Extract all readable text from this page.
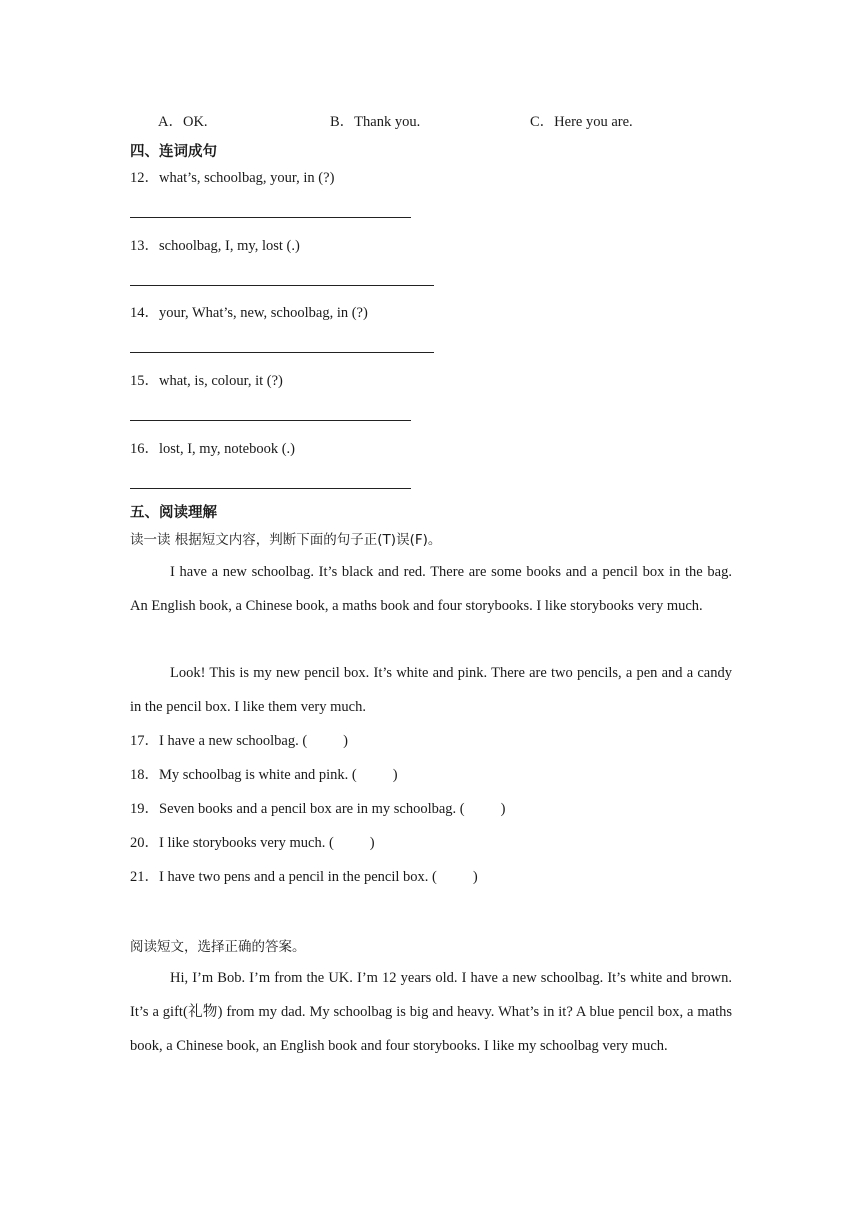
A．OK.	B．Thank you.	C．Here you are.
四、连词成句
12．what’s, schoolbag, your, in (?)
13．schoolbag, I, my, lost (.)
14．your, What’s, new, schoolbag, in (?)
15．what, is, colour, it (?)
16．lost, I, my, notebook (.)
五、阅读理解
读一读 根据短文内容，判断下面的句子正(T)误(F)。
I have a new schoolbag. It’s black and red. There are some books and a pencil box in the bag. An English book, a Chinese book, a maths book and four storybooks. I like storybooks very much.
Look! This is my new pencil box. It’s white and pink. There are two pencils, a pen and a candy in the pencil box. I like them very much.
17．I have a new schoolbag. ( )
18．My schoolbag is white and pink. ( )
19．Seven books and a pencil box are in my schoolbag. ( )
20．I like storybooks very much. ( )
21．I have two pens and a pencil in the pencil box. ( )
阅读短文，选择正确的答案。
Hi, I’m Bob. I’m from the UK. I’m 12 years old. I have a new schoolbag. It’s white and brown. It’s a gift(礼物) from my dad. My schoolbag is big and heavy. What’s in it? A blue pencil box, a maths book, a Chinese book, an English book and four storybooks. I like my schoolbag very much.
